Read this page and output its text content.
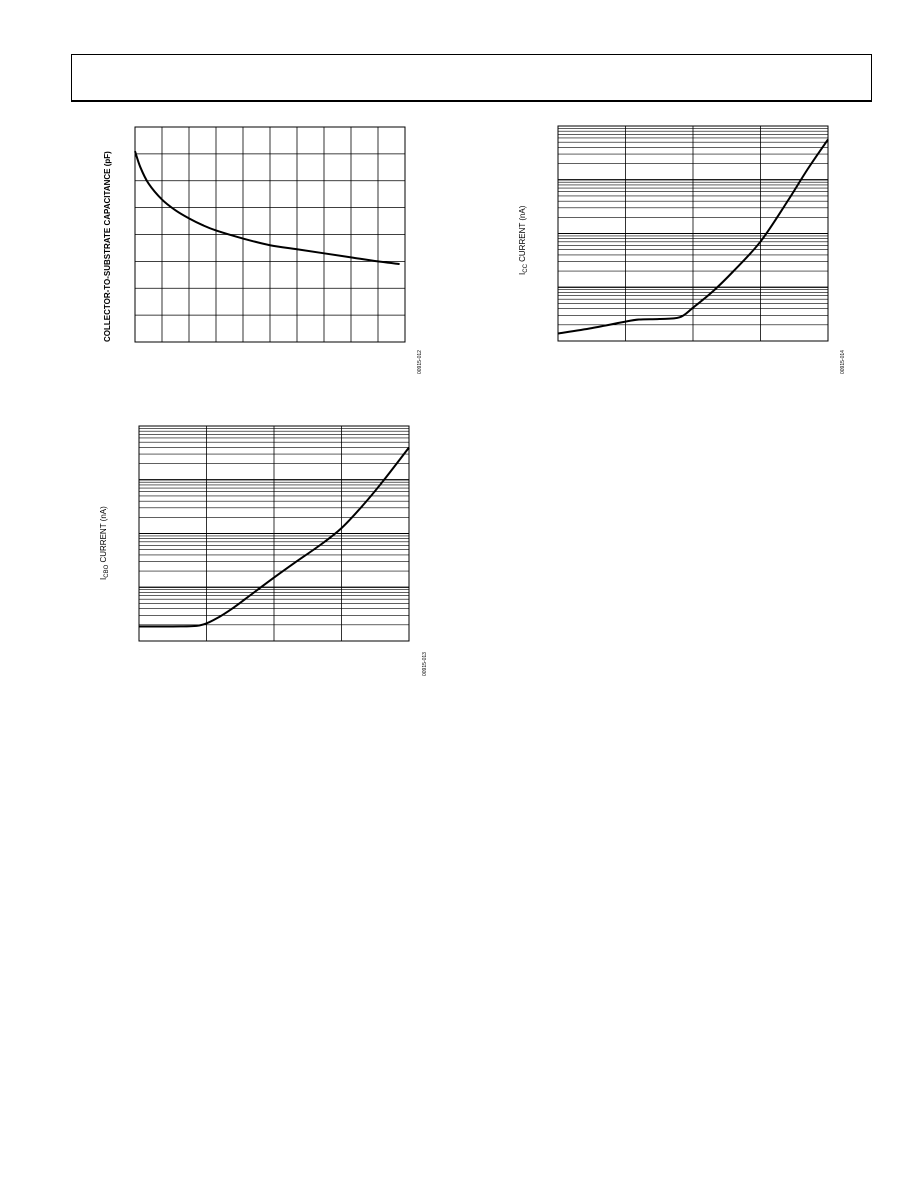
COLLECTOR-TO-SUBSTRATE CAPACITANCE (pF)
00915-012
$I_{CC}$ CURRENT (nA)
00915-014
$I_{CBO}$ CURRENT (nA)
00915-013
